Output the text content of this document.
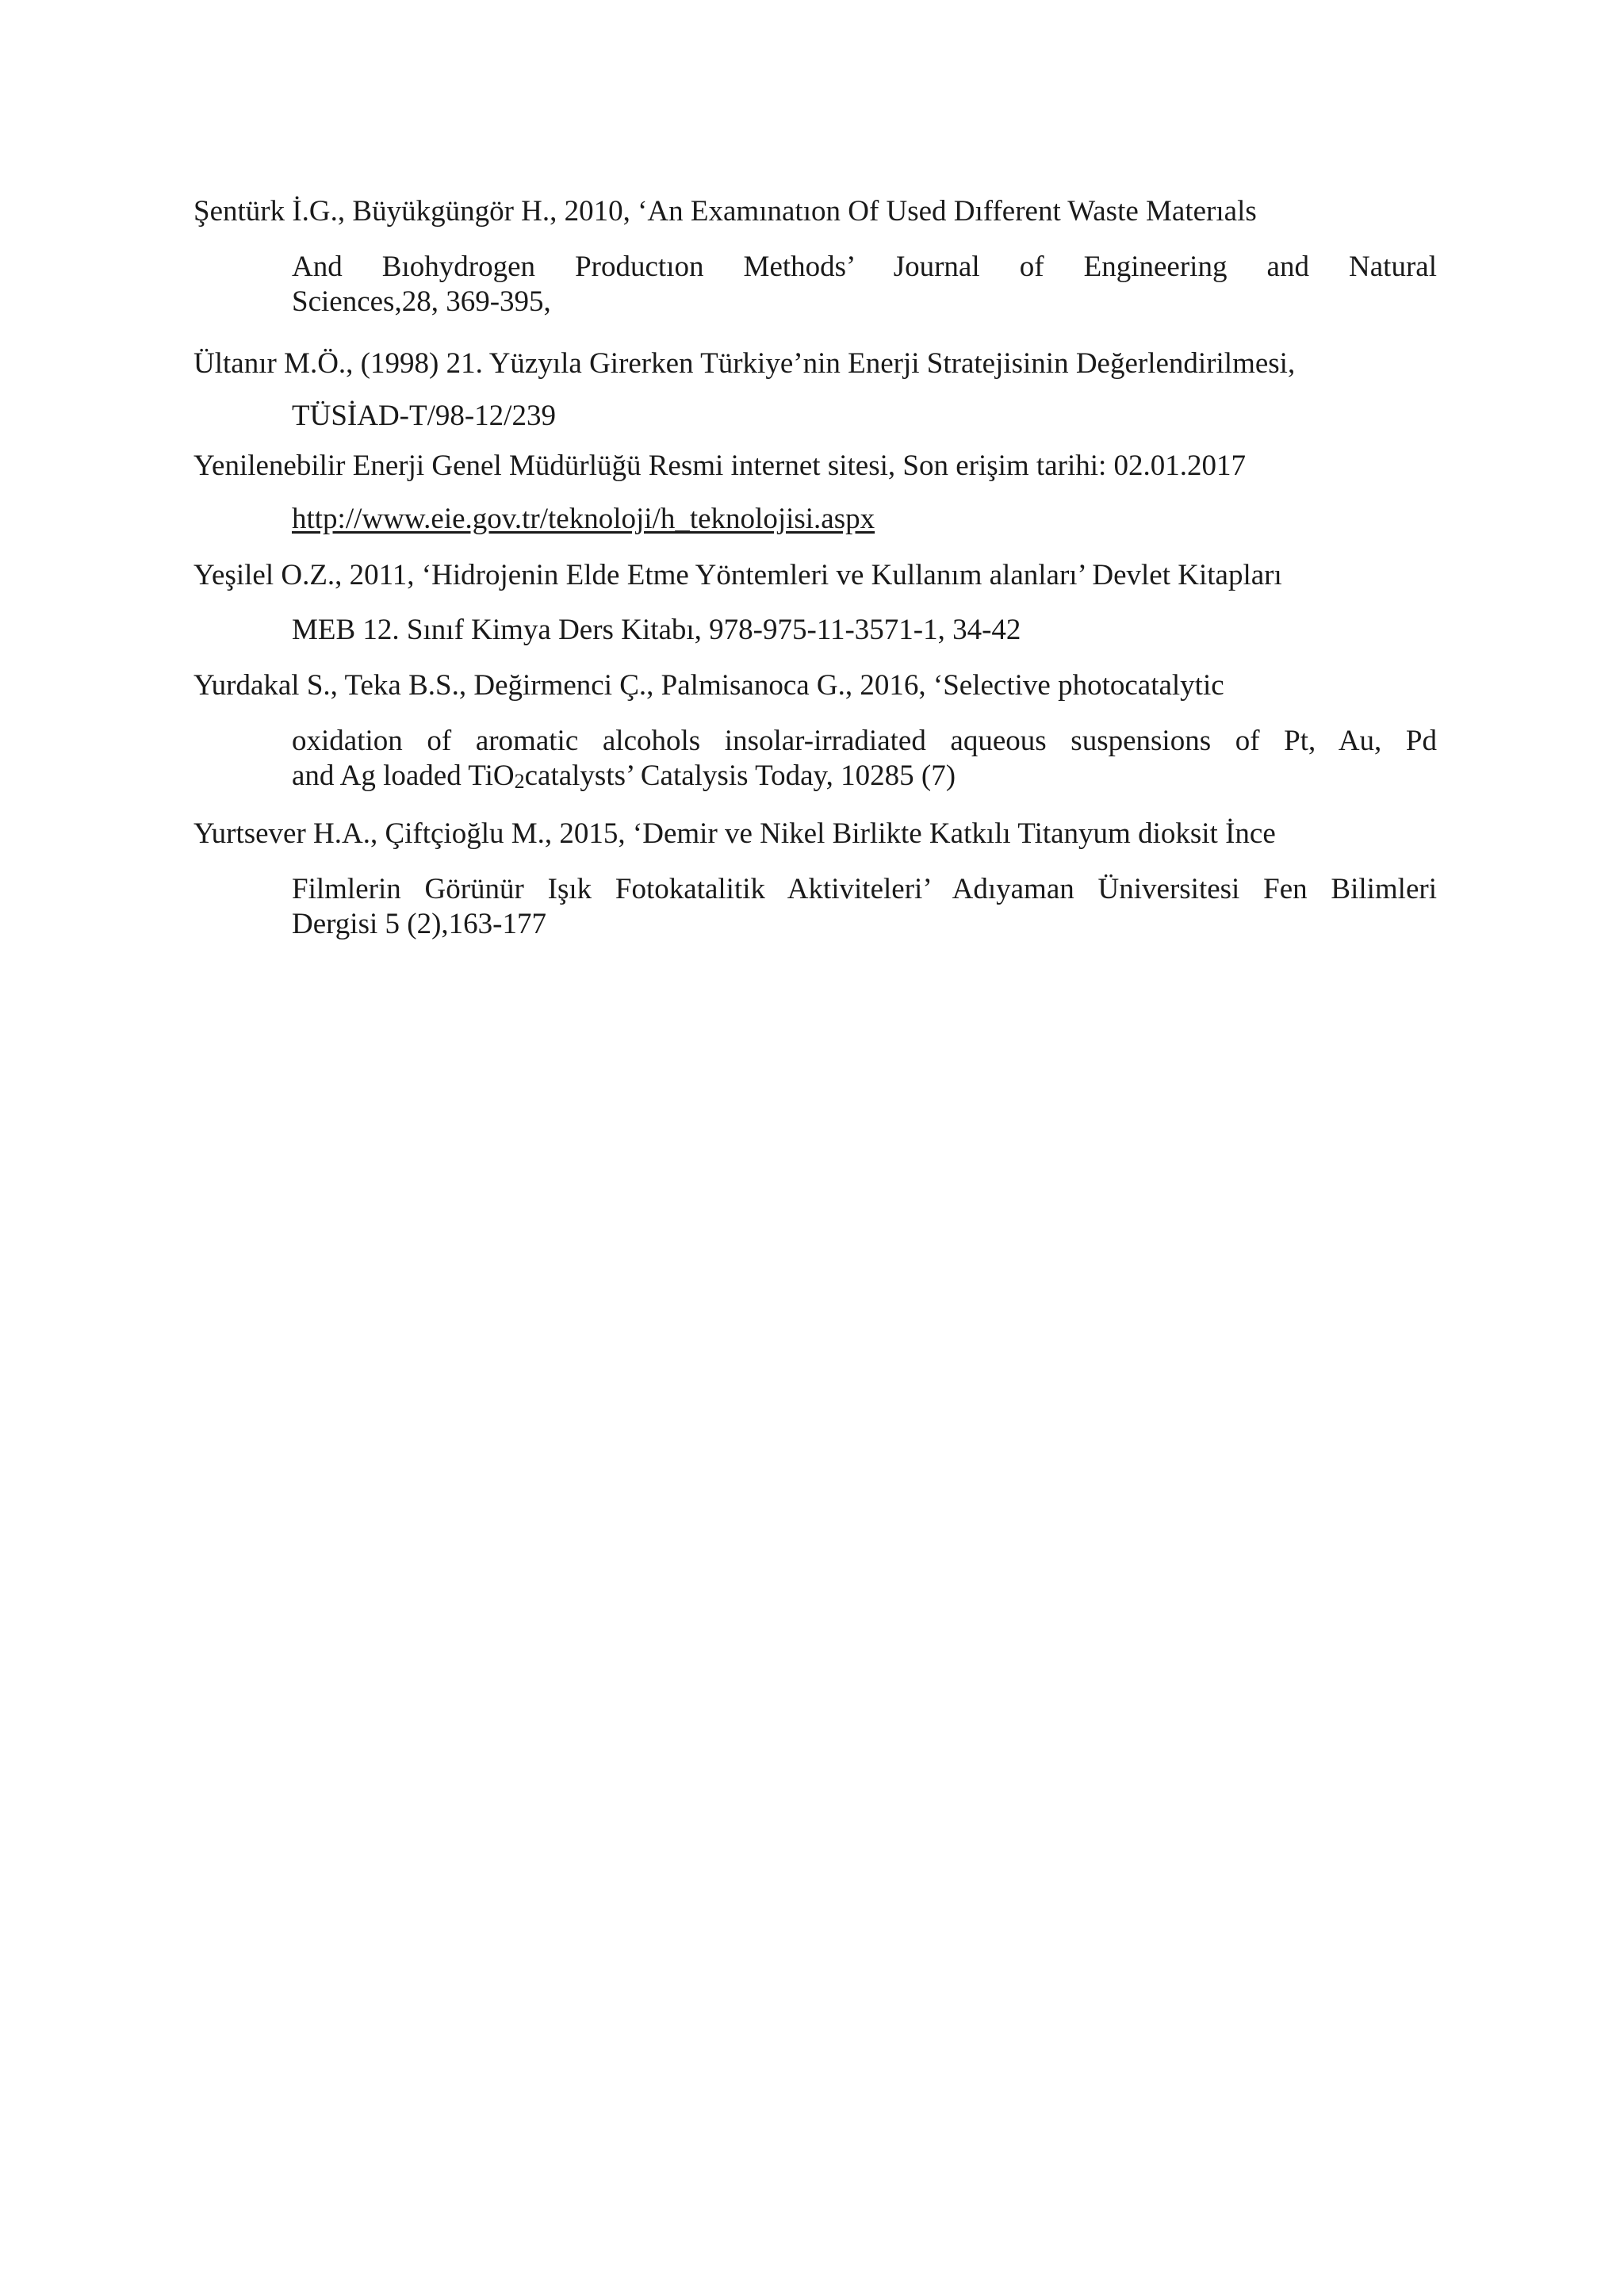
Şentürk İ.G., Büyükgüngör H., 2010, ‘An Examınatıon Of Used Dıfferent Waste Materıals
And Bıohydrogen Productıon Methods’ Journal of Engineering and Natural
Sciences,28, 369-395,
Ültanır M.Ö., (1998) 21. Yüzyıla Girerken Türkiye’nin Enerji Stratejisinin Değerlendirilmesi,
TÜSİAD-T/98-12/239
Yenilenebilir Enerji Genel Müdürlüğü Resmi internet sitesi, Son erişim tarihi: 02.01.2017
http://www.eie.gov.tr/teknoloji/h_teknolojisi.aspx
Yeşilel O.Z., 2011, ‘Hidrojenin Elde Etme Yöntemleri ve Kullanım alanları’ Devlet Kitapları
MEB 12. Sınıf Kimya Ders Kitabı, 978-975-11-3571-1, 34-42
Yurdakal S., Teka B.S., Değirmenci Ç., Palmisanoca G., 2016, ‘Selective photocatalytic
oxidation of aromatic alcohols insolar-irradiated aqueous suspensions of Pt, Au, Pd
and Ag loaded TiO$_2$catalysts’ Catalysis Today, 10285 (7)
Yurtsever H.A., Çiftçioğlu M., 2015, ‘Demir ve Nikel Birlikte Katkılı Titanyum dioksit İnce
Filmlerin Görünür Işık Fotokatalitik Aktiviteleri’ Adıyaman Üniversitesi Fen Bilimleri
Dergisi 5 (2),163-177
